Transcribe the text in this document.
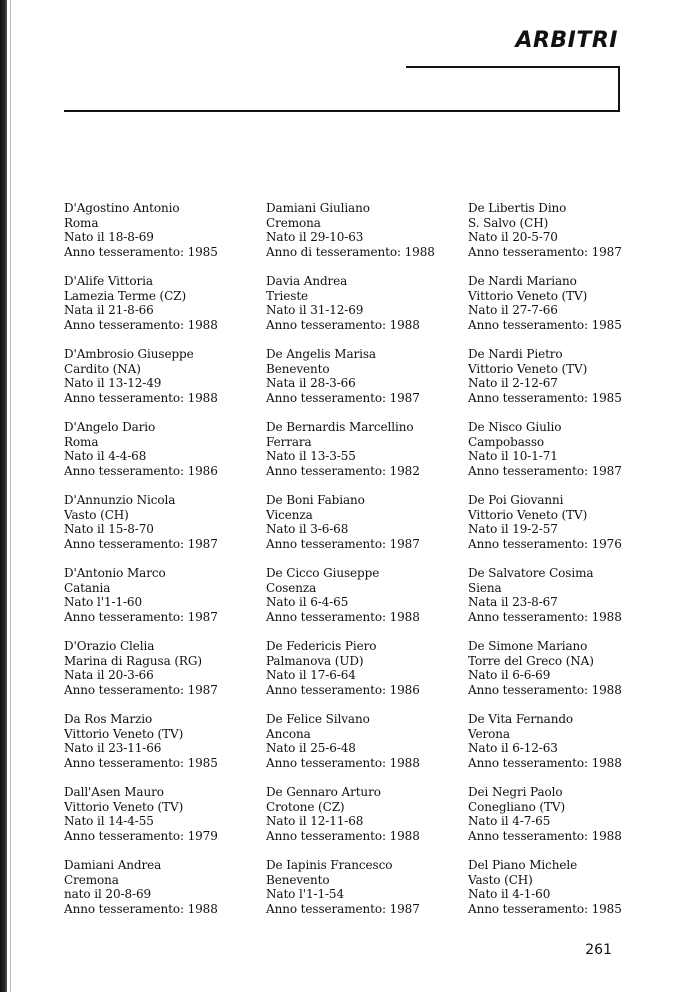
ARBITRI
D'Agostino Antonio
Roma
Nato il 18-8-69
Anno tesseramento: 1985
D'Alife Vittoria
Lamezia Terme (CZ)
Nata il 21-8-66
Anno tesseramento: 1988
D'Ambrosio Giuseppe
Cardito (NA)
Nato il 13-12-49
Anno tesseramento: 1988
D'Angelo Dario
Roma
Nato il 4-4-68
Anno tesseramento: 1986
D'Annunzio Nicola
Vasto (CH)
Nato il 15-8-70
Anno tesseramento: 1987
D'Antonio Marco
Catania
Nato l'1-1-60
Anno tesseramento: 1987
D'Orazio Clelia
Marina di Ragusa (RG)
Nata il 20-3-66
Anno tesseramento: 1987
Da Ros Marzio
Vittorio Veneto (TV)
Nato il 23-11-66
Anno tesseramento: 1985
Dall'Asen Mauro
Vittorio Veneto (TV)
Nato il 14-4-55
Anno tesseramento: 1979
Damiani Andrea
Cremona
nato il 20-8-69
Anno tesseramento: 1988
Damiani Giuliano
Cremona
Nato il 29-10-63
Anno di tesseramento: 1988
Davia Andrea
Trieste
Nato il 31-12-69
Anno tesseramento: 1988
De Angelis Marisa
Benevento
Nata il 28-3-66
Anno tesseramento: 1987
De Bernardis Marcellino
Ferrara
Nato il 13-3-55
Anno tesseramento: 1982
De Boni Fabiano
Vicenza
Nato il 3-6-68
Anno tesseramento: 1987
De Cicco Giuseppe
Cosenza
Nato il 6-4-65
Anno tesseramento: 1988
De Federicis Piero
Palmanova (UD)
Nato il 17-6-64
Anno tesseramento: 1986
De Felice Silvano
Ancona
Nato il 25-6-48
Anno tesseramento: 1988
De Gennaro Arturo
Crotone (CZ)
Nato il 12-11-68
Anno tesseramento: 1988
De Iapinis Francesco
Benevento
Nato l'1-1-54
Anno tesseramento: 1987
De Libertis Dino
S. Salvo (CH)
Nato il 20-5-70
Anno tesseramento: 1987
De Nardi Mariano
Vittorio Veneto (TV)
Nato il 27-7-66
Anno tesseramento: 1985
De Nardi Pietro
Vittorio Veneto (TV)
Nato il 2-12-67
Anno tesseramento: 1985
De Nisco Giulio
Campobasso
Nato il 10-1-71
Anno tesseramento: 1987
De Poi Giovanni
Vittorio Veneto (TV)
Nato il 19-2-57
Anno tesseramento: 1976
De Salvatore Cosima
Siena
Nata il 23-8-67
Anno tesseramento: 1988
De Simone Mariano
Torre del Greco (NA)
Nato il 6-6-69
Anno tesseramento: 1988
De Vita Fernando
Verona
Nato il 6-12-63
Anno tesseramento: 1988
Dei Negri Paolo
Conegliano (TV)
Nato il 4-7-65
Anno tesseramento: 1988
Del Piano Michele
Vasto (CH)
Nato il 4-1-60
Anno tesseramento: 1985
261
